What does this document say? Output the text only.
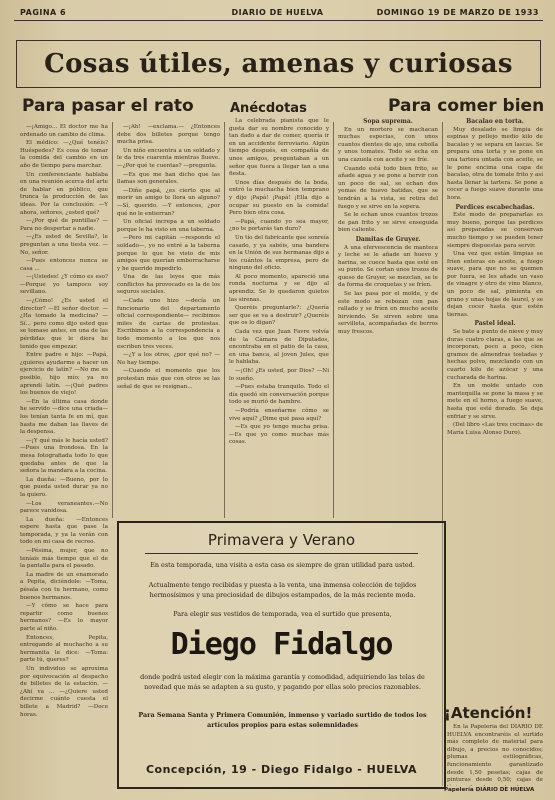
PAGINA 6	DIARIO DE HUELVA	DOMINGO 19 DE MARZO DE 1933
Cosas útiles, amenas y curiosas
Para pasar el rato	Anécdotas	Para comer bien

—¡Amigo... El doctor me ha ordenado un cambio de clima.

El médico: —¿Qué tenéis? Huéspedes? Es cosa de tomar la comida del cambio en un año de tiempo para marchar.

Un conferenciante hablaba en una reunión acerca del arte de hablar en público, que trunca la producción de las ideas. Por la conclusión: —Y ahora, señores, ¿usted qué?

—¿Por qué de puntillas? —Para no despertar a nadie.

—¿Es usted de Sevilla?, le preguntan a una tiesta vez. —No, señor.

—Pues entonces nunca se casa ...

—¡Ustedes! ¿Y cómo es eso? —Porque yo tampoco soy sevillano.

—¿Cómo! ¿Es usted el director? —El señor doctor. —¿Ha tomado la medicina? —Sí... pero como dijo usted que se tomase antes, en una de las pérdidas que le diera he tenido que empezar.

Entre padre e hijo: —Papá, ¿quieres ayudarme a hacer un ejercicio de latín? —No me es posible, hijo mío; ya no aprendí latín. —¡Qué padres los buenos de viejo!

—En la última casa donde he servido —dice una criada— los tenían tanta fe en mí, que hasta me daban las llaves de la despensa.

—¡Y qué más le hacía usted? —Pues una frondosa. En la mesa fotografiada todo lo que quedaba antes de que la señora la mandara a la cocina.

La dueña: —Bueno, por lo que pueda usted durar ya no la quiero.

—Los veraneantes.—No parece vanidosa.

La dueña: —Entonces espere hasta que pase la temporada, y ya la verán con todo en mi casa de recreo.

—Pésima, mujer, que no teníais más tiempo que el de la pantalla para el pasado.

La madre de un enamorado a Pepita, diciéndole: —Toma, pésala con tu hermano, como buenos hermanos.

—Y cómo se hace para repartir como buenos hermanos? —Es lo mayor parte al niño.

Entonces, Pepita, entregando al muchacho a su hermanita le dice: —Toma: parte tú, queres?

Un individuo se aproxima por equivocación al despacho de billetes de la estación. —¿Ahí va ... —¿Quiere usted decirme cuánto cuesta el billete a Madrid? —Doce horas.

—¡Ah! —exclama.— ¿Entonces debe dos billetes porque tengo mucha prisa.

Un niño encuentra a un soldado y le da tres cuarenta mientras llueve. —¿Por qué te cuentas? —pregunta.

—Es que me han dicho que las llamas son generales.

—Diñe papá, ¿es cierto que al morir un amigo te llora un alguno? —Sí, querido. —Y entonces, ¿por qué no le entierran?

Un oficial increpa a un soldado porque le ha visto en una taberna.

—Pero mi capitán —responde el soldado—, yo no entré a la taberna porque lo que he visto de mis amigos que querían emborracharse y he querido impedirlo.

Una de las leyes que más conflictos ha provocado es la de los seguros sociales.

—Cada uno hizo —decía un funcionario del departamento oficial correspondiente— recibimos miles de cartas de protestas. Escribimos a la correspondencia a todo momento a los que nos escriben tres veces.

—¿Y a los otros, ¿por qué no? —No hay tiempo.

—Cuando el momento que los protestan más que con otros se las señal de que se resignan...

La celebrada pianista que le gusta dar su nombre conocido y tan dado a dar de comer, quería ir en un accidente ferroviario. Algún tiempo después, en compañía de unos amigos, preguntaban a un señor que fuera a llegar tan a una fiesta.

Unos días después de la boda, entró la muchacha bien temprano y dijo ¡Papá! ¡Papá! ¡Ella dijo a ocupar su puesto en la comida! Pero bien otra cosa.

—Papá, cuando yo sea mayor, ¿no te portarás tan duro?

Un tío del fabricante que sonreía casado, y ya sabéis, una bandera en la Unión de sus hermanas dijo a los cuántos la empresa, pero de ninguno del oficio.

Al poco momento, apareció una ronda nocturna y se dijo al aprendiz. Se lo quedaron quietos las sirenas.

Queréis preguntarle?: ¿Quería ser que se va a destruir? ¿Queréis que os lo digan?

Cada vez que Juan Favre volvía de la Cámara de Diputados, encontraba en el patio de la casa, en una banca, al joven Jules, que le hablaba.

—¡Oh! ¿Es usted, por Dios? —Ni lo sueño.

—Pues estaba tranquilo. Todo el día quedó sin conversación porque todo se murió de hambre.

—Podría enseñarme cómo se vive aquí? ¿Dime qué pasa aquí?

—Es que yo tengo mucha prisa. —Es que yo como muchas más cosas.

Sopa suprema.

En un mortero se machacan muchas especias, con unos cuantos dientes de ajo, una cebolla y unos tomates. Todo se echa en una cazuela con aceite y se fríe.

Cuando está todo bien frito, se añade agua y se pone a hervir con un poco de sal, se echan dos yemas de huevo batidas, que se tendrán a la vista, se retira del fuego y se sirve en la sopera.

Se le echan unos cuantos trozos de pan frito y se sirve enseguida bien caliente.

Damitas de Gruyer.

A una efervescencia de manteca y leche se le añade un huevo y harina, se cuece hasta que esté en su punto. Se cortan unos trozos de queso de Gruyer, se mezclan, se le da forma de croquetas y se fríen.

Se las pasa por el molde, y de este modo se rebozan con pan rallado y se fríen en mucho aceite hirviendo. Se sirven sobre una servilleta, acompañadas de berros muy frescos.

Bacalao en torta.

Muy desalado se limpia de espinas y pellejo medio kilo de bacalao y se separa en lascas. Se prepara una torta y se pone en una tartera untada con aceite, se le pone encima una capa de bacalao, otra de tomate frito y así hasta llenar la tartera. Se pone a cocer a fuego suave durante una hora.

Perdices escabechadas.

Este modo de prepararlas es muy bueno, porque las perdices así preparadas se conservan mucho tiempo y se pueden tener siempre dispuestas para servir.

Una vez que están limpias se fríen enteras en aceite, a fuego suave, para que no se quemen por fuera, se les añade un vaso de vinagre y otro de vino blanco, un poco de sal, pimienta en grano y unas hojas de laurel, y se dejan cocer hasta que estén tiernas.

Pastel ideal.

Se bate a punto de nieve y muy duras cuatro claras, a las que se incorporan, poco a poco, cien gramos de almendras tostadas y hechas polvo, mezclando con un cuarto kilo de azúcar y una cucharada de harina.

En un molde untado con mantequilla se pone la masa y se mete en el horno, a fuego suave, hasta que esté dorado. Se deja enfriar y se sirve.

(Del libro «Las tres cocinas» de María Luisa Alonso Duro).

Primavera y Verano
En esta temporada, una visita a esta casa es siempre de gran utilidad para usted.
Actualmente tengo recibidas y puesta a la venta, una inmensa colección de tejidos hermosísimos y una preciosidad de dibujos estampados, de la más reciente moda.
Para elegir sus vestidos de temporada, vea el surtido que presenta,
Diego Fidalgo
donde podrá usted elegir con la máxima garantía y comodidad, adquiriendo las telas de novedad que más se adapten a su gusto, y pagando por ellas solo precios razonables.
Para Semana Santa y Primera Comunión, inmenso y variado surtido de todos los artículos propios para estas solemnidades
Concepción, 19 - Diego Fidalgo - HUELVA
¡Atención!

En la Papelería del DIARIO DE HUELVA encontraréis el surtido más completo de material para dibujo, a precios no conocidos; plumas estilográficas, funcionamiento garantizado desde 1,50 pesetas; cajas de pinturas desde 0,50; cajas de

Papelería DIARIO DE HUELVA
